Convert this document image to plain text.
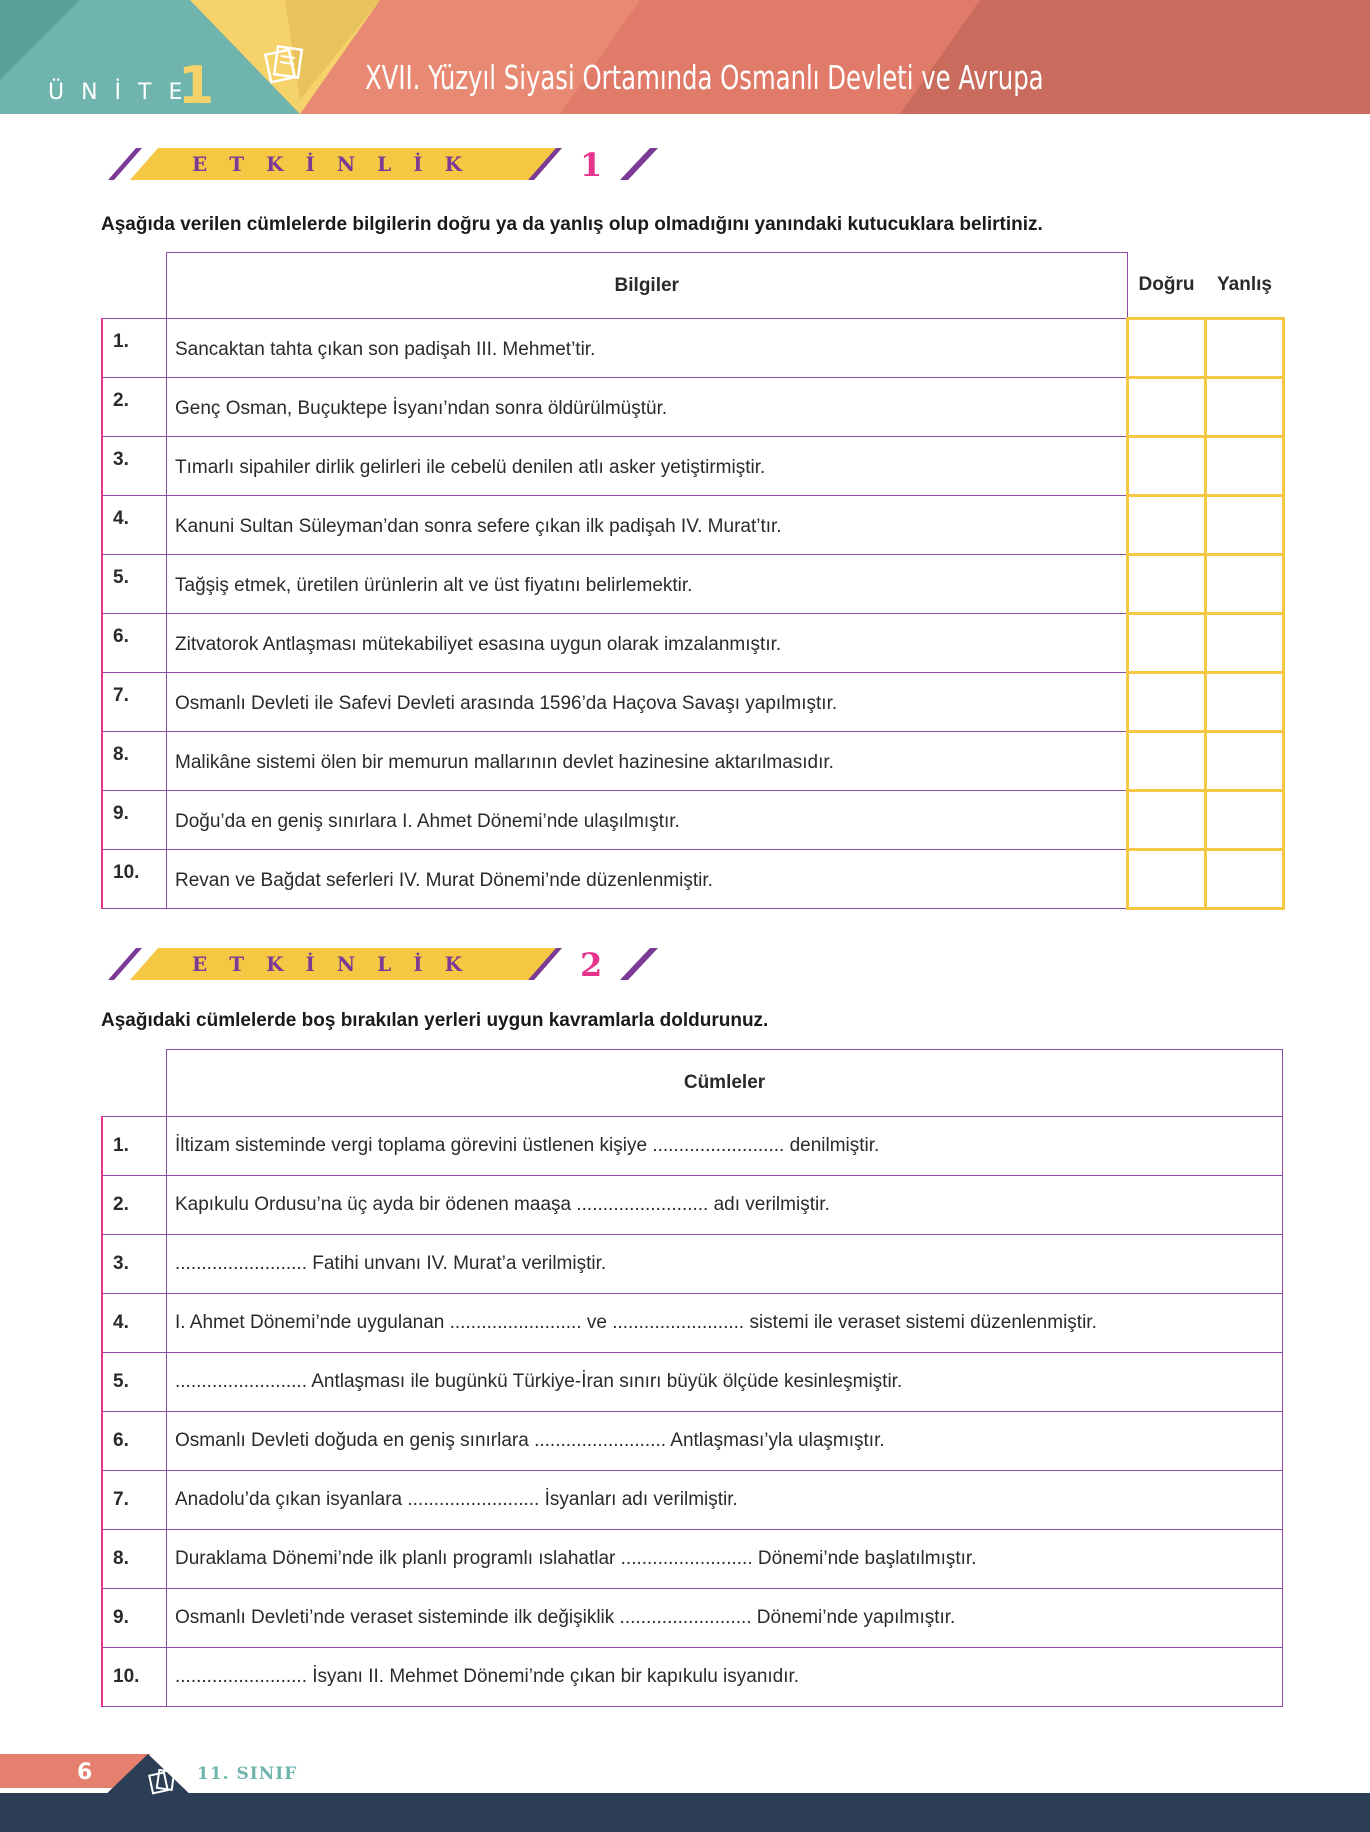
ÜNİTE
1	XVII. Yüzyıl Siyasi Ortamında Osmanlı Devleti ve Avrupa
ETKİNLİK	1
Aşağıda verilen cümlelerde bilgilerin doğru ya da yanlış olup olmadığını yanındaki kutucuklara belirtiniz.
	Bilgiler	Doğru	Yanlış
1.	Sancaktan tahta çıkan son padişah III. Mehmet’tir.		
2.	Genç Osman, Buçuktepe İsyanı’ndan sonra öldürülmüştür.		
3.	Tımarlı sipahiler dirlik gelirleri ile cebelü denilen atlı asker yetiştirmiştir.		
4.	Kanuni Sultan Süleyman’dan sonra sefere çıkan ilk padişah IV. Murat’tır.		
5.	Tağşiş etmek, üretilen ürünlerin alt ve üst fiyatını belirlemektir.		
6.	Zitvatorok Antlaşması mütekabiliyet esasına uygun olarak imzalanmıştır.		
7.	Osmanlı Devleti ile Safevi Devleti arasında 1596’da Haçova Savaşı yapılmıştır.		
8.	Malikâne sistemi ölen bir memurun mallarının devlet hazinesine aktarılmasıdır.		
9.	Doğu’da en geniş sınırlara I. Ahmet Dönemi’nde ulaşılmıştır.		
10.	Revan ve Bağdat seferleri IV. Murat Dönemi’nde düzenlenmiştir.		
ETKİNLİK	2
Aşağıdaki cümlelerde boş bırakılan yerleri uygun kavramlarla doldurunuz.
	Cümleler
1.	İltizam sisteminde vergi toplama görevini üstlenen kişiye ......................... denilmiştir.
2.	Kapıkulu Ordusu’na üç ayda bir ödenen maaşa ......................... adı verilmiştir.
3.	......................... Fatihi unvanı IV. Murat’a verilmiştir.
4.	I. Ahmet Dönemi’nde uygulanan ......................... ve ......................... sistemi ile veraset sistemi düzenlenmiştir.
5.	......................... Antlaşması ile bugünkü Türkiye-İran sınırı büyük ölçüde kesinleşmiştir.
6.	Osmanlı Devleti doğuda en geniş sınırlara ......................... Antlaşması’yla ulaşmıştır.
7.	Anadolu’da çıkan isyanlara ......................... İsyanları adı verilmiştir.
8.	Duraklama Dönemi’nde ilk planlı programlı ıslahatlar ......................... Dönemi’nde başlatılmıştır.
9.	Osmanlı Devleti’nde veraset sisteminde ilk değişiklik ......................... Dönemi’nde yapılmıştır.
10.	......................... İsyanı II. Mehmet Dönemi’nde çıkan bir kapıkulu isyanıdır.
6	11. SINIF
